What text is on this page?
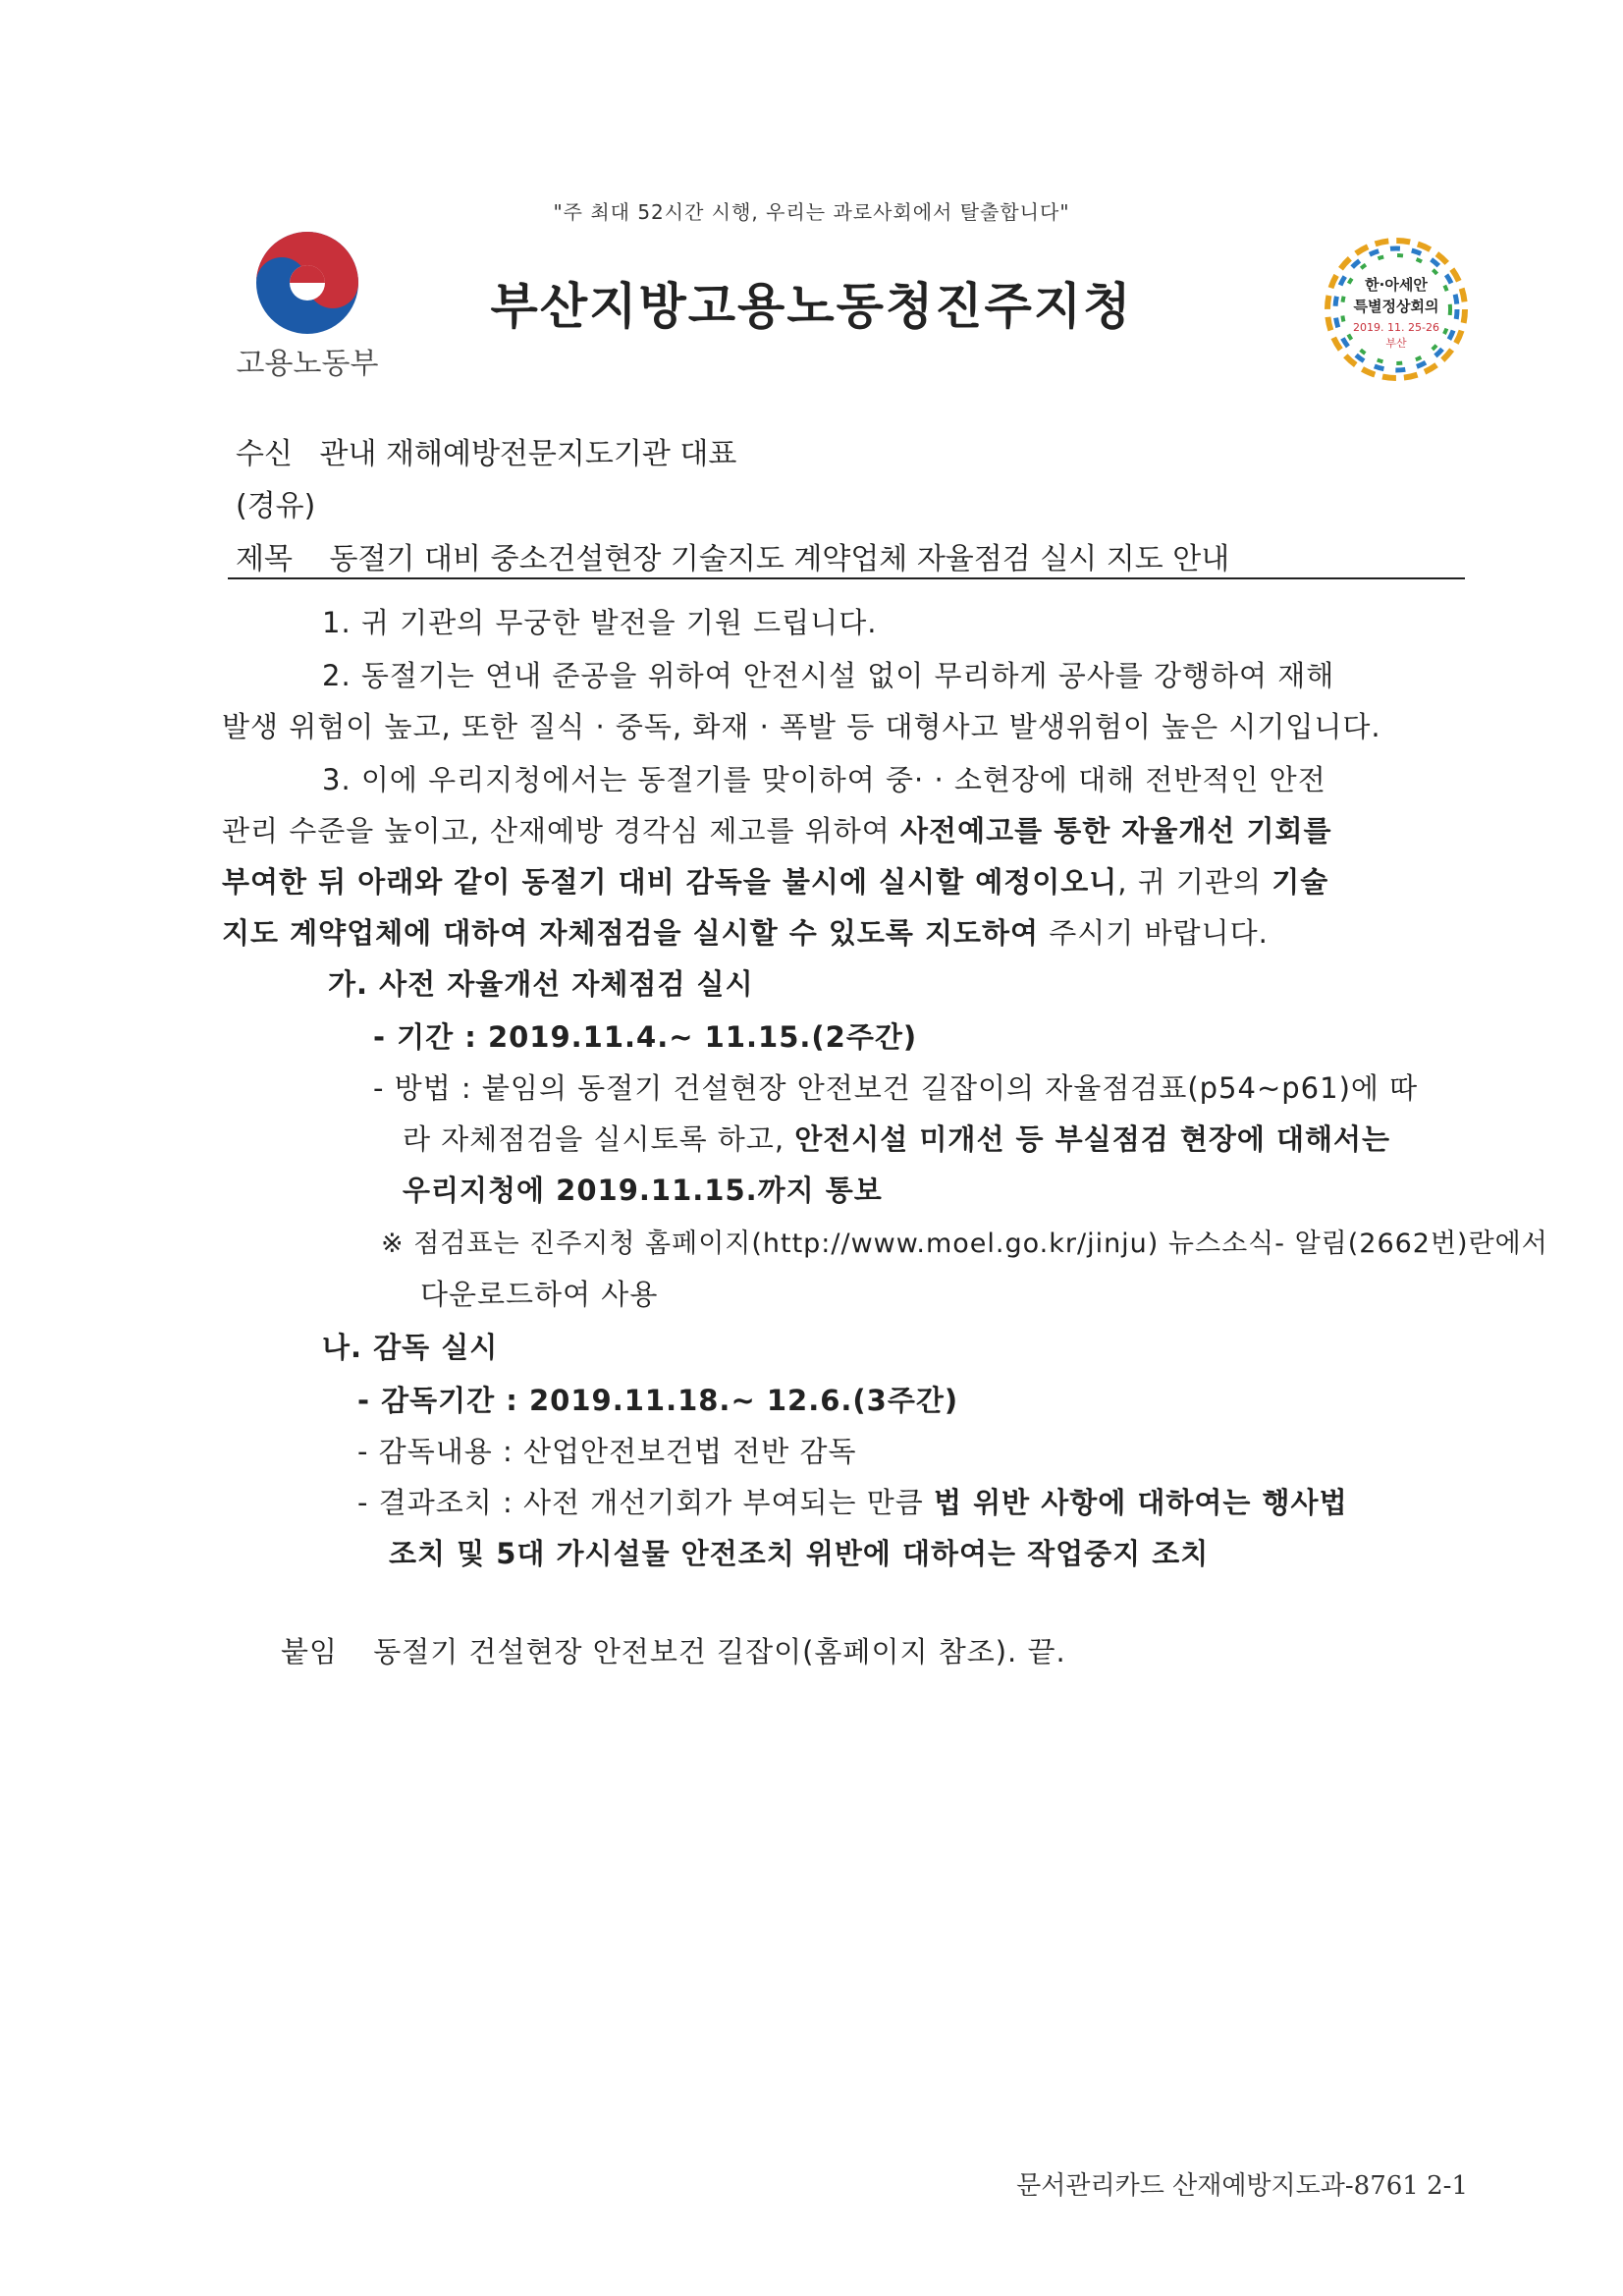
"주 최대 52시간 시행, 우리는 과로사회에서 탈출합니다"
고용노동부
부산지방고용노동청진주지청	한·아세안
특별정상회의
2019. 11. 25-26
부산
수신 관내 재해예방전문지도기관 대표
(경유)
제목 동절기 대비 중소건설현장 기술지도 계약업체 자율점검 실시 지도 안내
1. 귀 기관의 무궁한 발전을 기원 드립니다.
2. 동절기는 연내 준공을 위하여 안전시설 없이 무리하게 공사를 강행하여 재해
발생 위험이 높고, 또한 질식 · 중독, 화재 · 폭발 등 대형사고 발생위험이 높은 시기입니다.
3. 이에 우리지청에서는 동절기를 맞이하여 중· · 소현장에 대해 전반적인 안전
관리 수준을 높이고, 산재예방 경각심 제고를 위하여 사전예고를 통한 자율개선 기회를
부여한 뒤 아래와 같이 동절기 대비 감독을 불시에 실시할 예정이오니, 귀 기관의 기술
지도 계약업체에 대하여 자체점검을 실시할 수 있도록 지도하여 주시기 바랍니다.
가. 사전 자율개선 자체점검 실시
- 기간 : 2019.11.4.~ 11.15.(2주간)
- 방법 : 붙임의 동절기 건설현장 안전보건 길잡이의 자율점검표(p54~p61)에 따
라 자체점검을 실시토록 하고, 안전시설 미개선 등 부실점검 현장에 대해서는
우리지청에 2019.11.15.까지 통보
※ 점검표는 진주지청 홈페이지(http://www.moel.go.kr/jinju) 뉴스소식- 알림(2662번)란에서
다운로드하여 사용
나. 감독 실시
- 감독기간 : 2019.11.18.~ 12.6.(3주간)
- 감독내용 : 산업안전보건법 전반 감독
- 결과조치 : 사전 개선기회가 부여되는 만큼 법 위반 사항에 대하여는 행사법
조치 및 5대 가시설물 안전조치 위반에 대하여는 작업중지 조치
붙임 동절기 건설현장 안전보건 길잡이(홈페이지 참조). 끝.
문서관리카드 산재예방지도과-8761 2-1
